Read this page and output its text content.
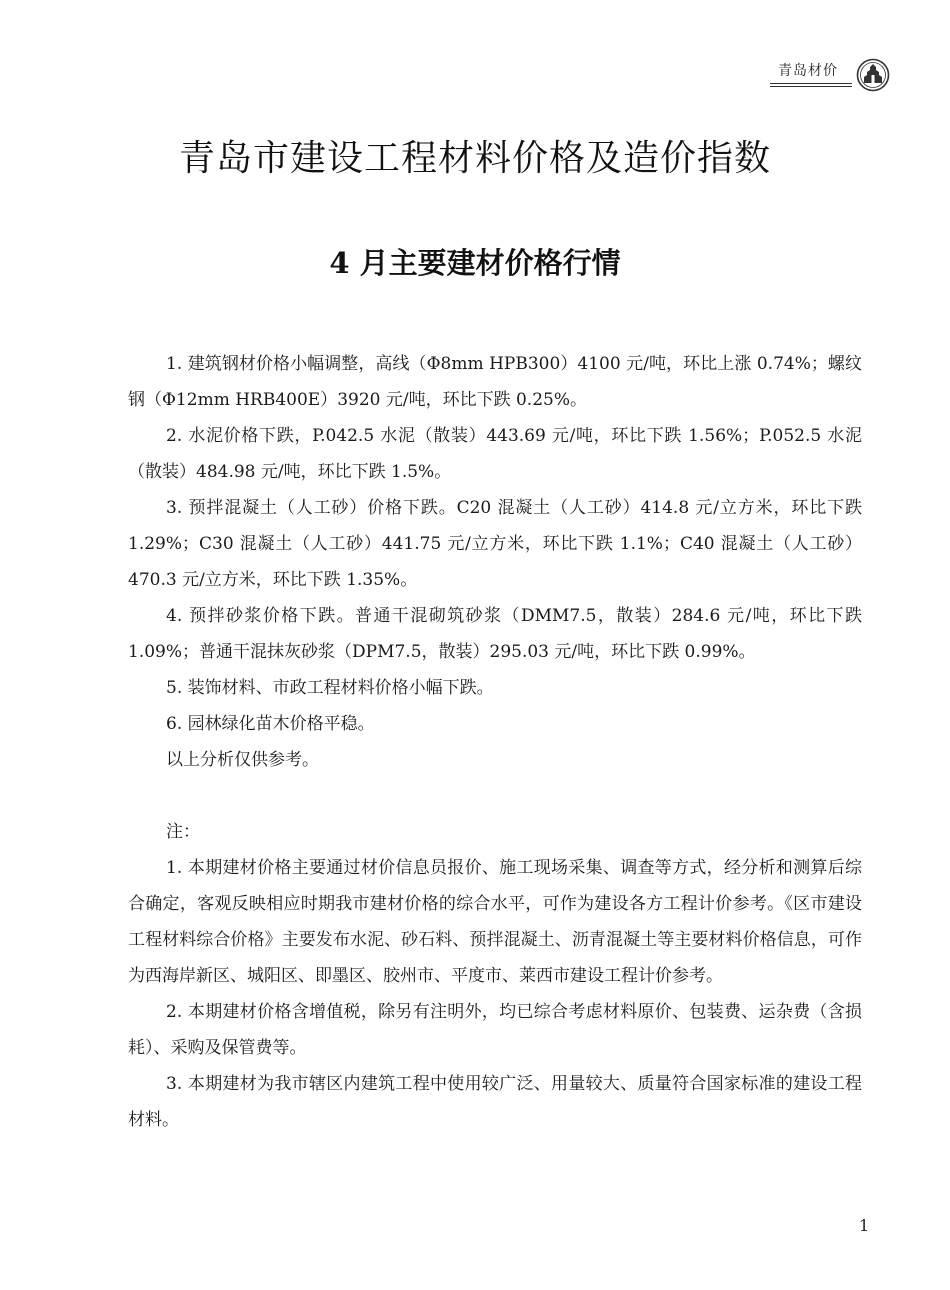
青岛材价
青岛市建设工程材料价格及造价指数
4 月主要建材价格行情

1. 建筑钢材价格小幅调整，高线（Φ8mm HPB300）4100 元/吨，环比上涨 0.74%；螺纹钢（Φ12mm HRB400E）3920 元/吨，环比下跌 0.25%。

2. 水泥价格下跌，P.042.5 水泥（散装）443.69 元/吨，环比下跌 1.56%；P.052.5 水泥（散装）484.98 元/吨，环比下跌 1.5%。

3. 预拌混凝土（人工砂）价格下跌。C20 混凝土（人工砂）414.8 元/立方米，环比下跌 1.29%；C30 混凝土（人工砂）441.75 元/立方米，环比下跌 1.1%；C40 混凝土（人工砂）470.3 元/立方米，环比下跌 1.35%。

4. 预拌砂浆价格下跌。普通干混砌筑砂浆（DMM7.5，散装）284.6 元/吨，环比下跌 1.09%；普通干混抹灰砂浆（DPM7.5，散装）295.03 元/吨，环比下跌 0.99%。

5. 装饰材料、市政工程材料价格小幅下跌。

6. 园林绿化苗木价格平稳。

以上分析仅供参考。

注：

1. 本期建材价格主要通过材价信息员报价、施工现场采集、调查等方式，经分析和测算后综合确定，客观反映相应时期我市建材价格的综合水平，可作为建设各方工程计价参考。《区市建设工程材料综合价格》主要发布水泥、砂石料、预拌混凝土、沥青混凝土等主要材料价格信息，可作为西海岸新区、城阳区、即墨区、胶州市、平度市、莱西市建设工程计价参考。

2. 本期建材价格含增值税，除另有注明外，均已综合考虑材料原价、包装费、运杂费（含损耗）、采购及保管费等。

3. 本期建材为我市辖区内建筑工程中使用较广泛、用量较大、质量符合国家标准的建设工程材料。

1
